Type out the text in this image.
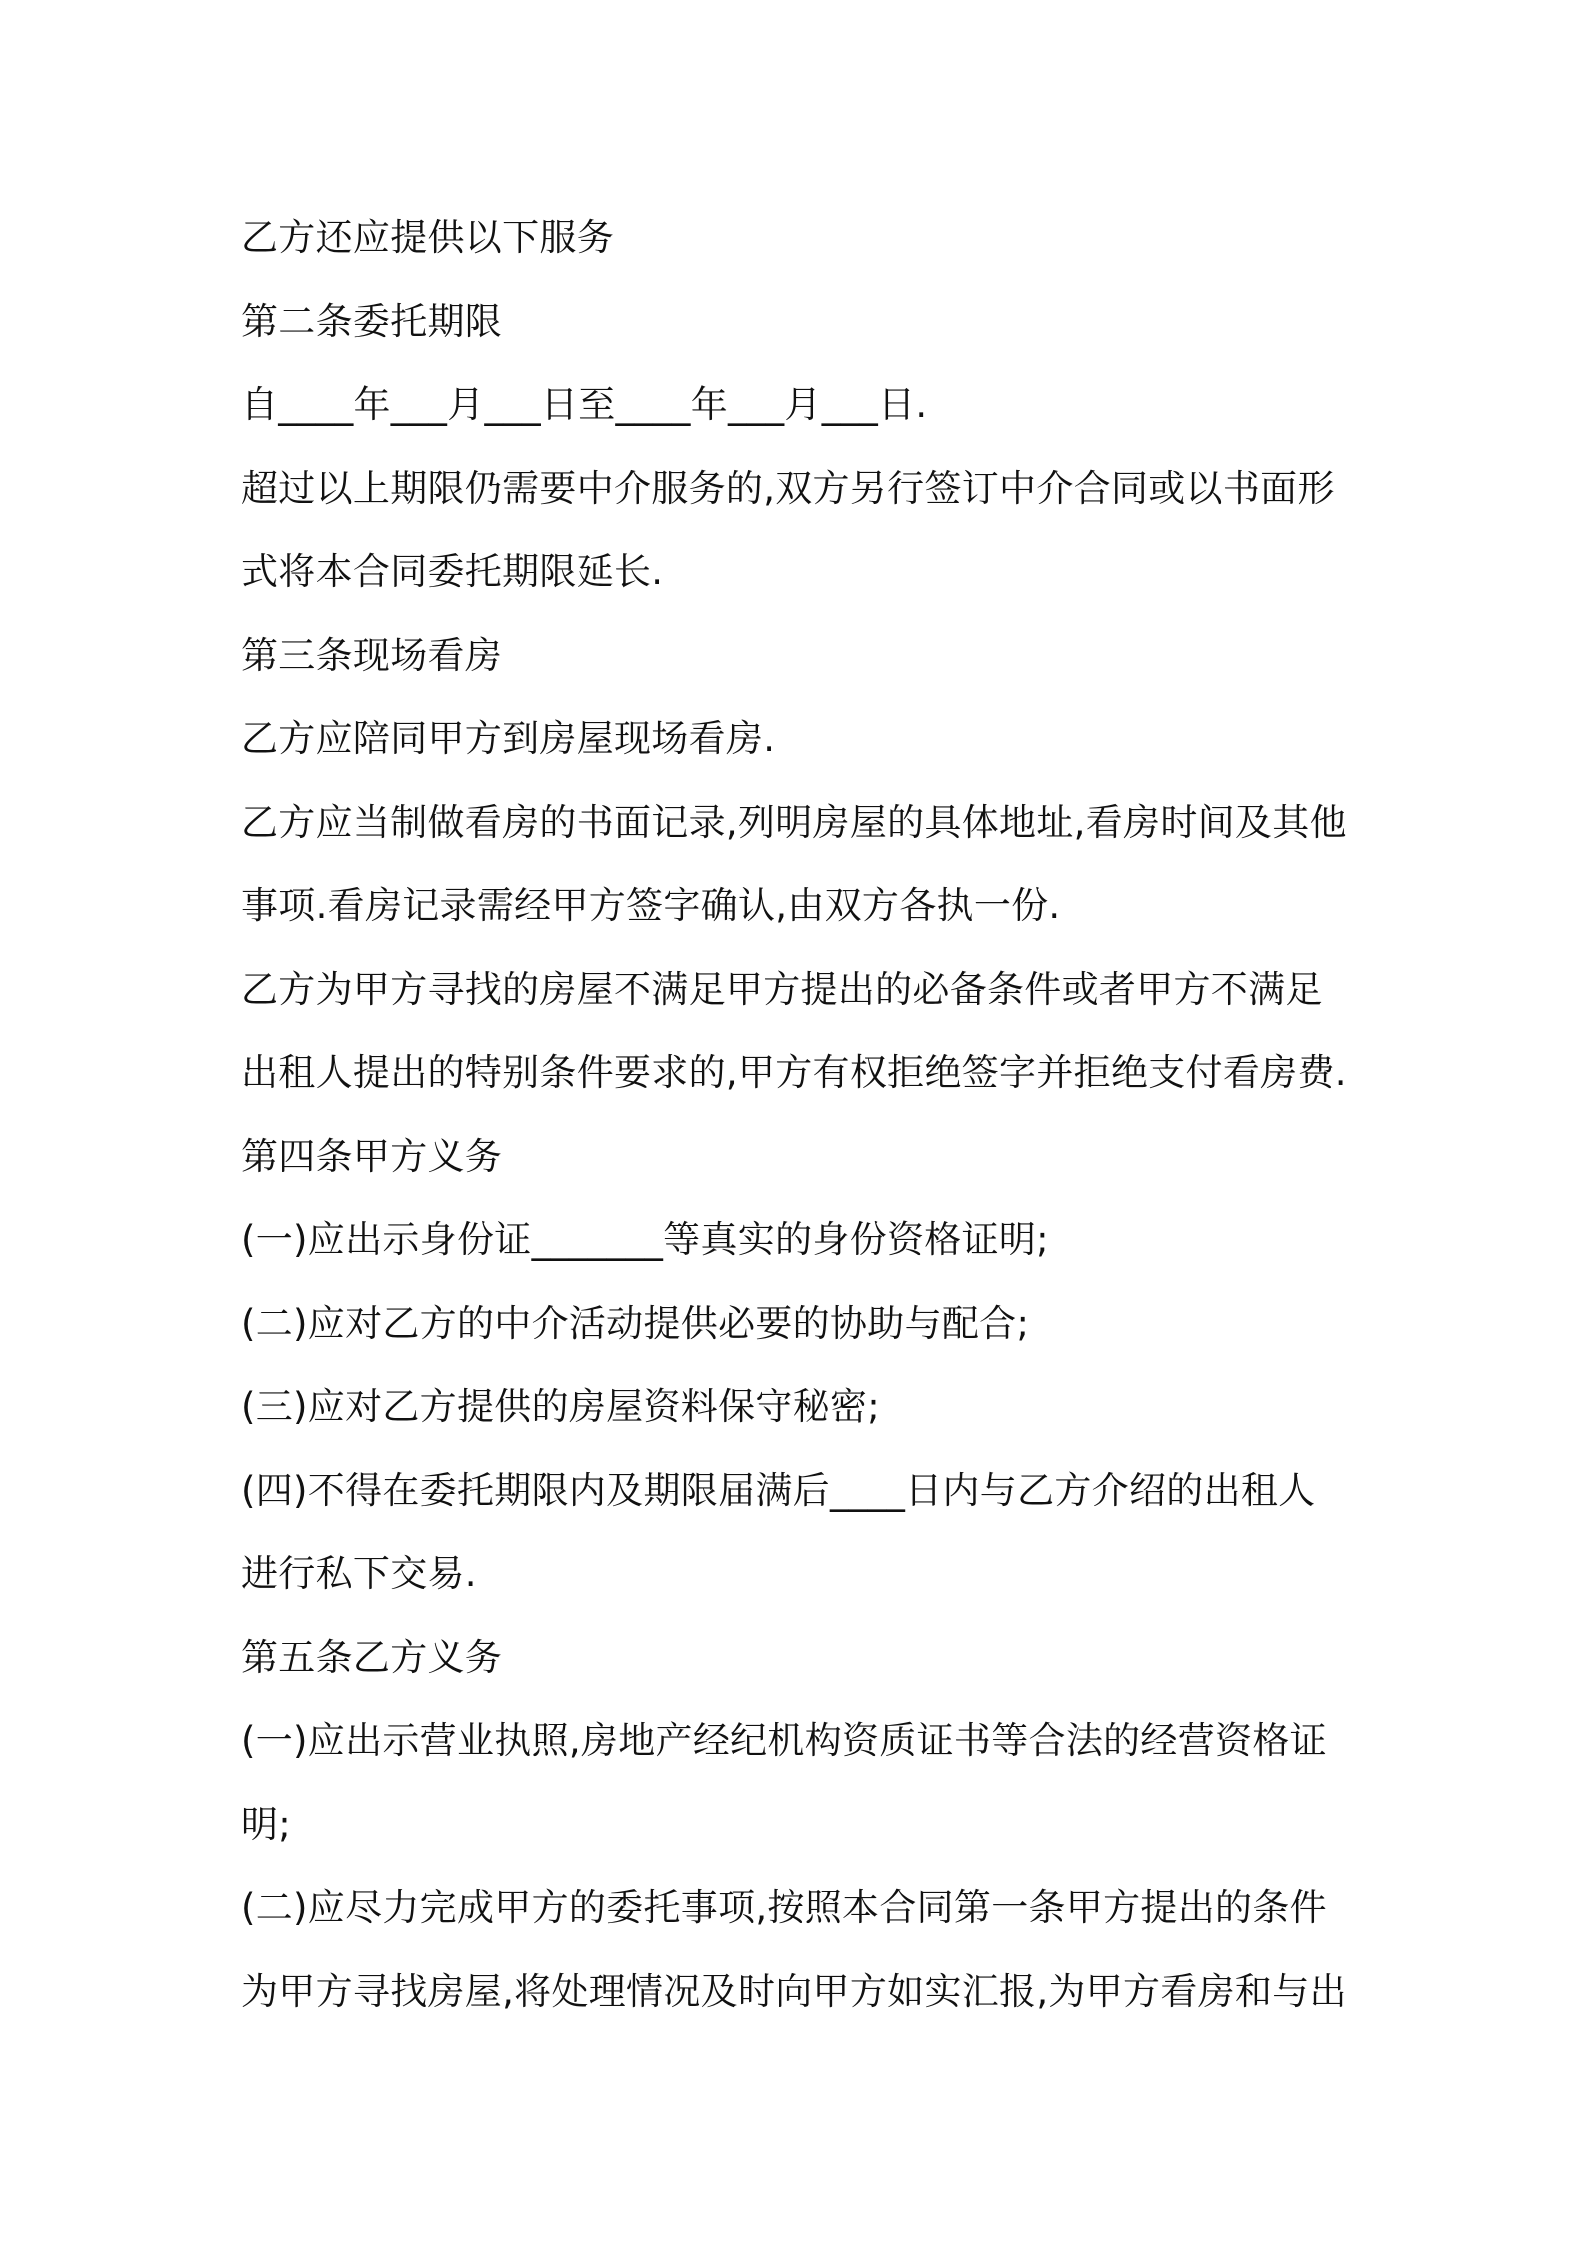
乙方还应提供以下服务
第二条委托期限
自____年___月___日至____年___月___日.
超过以上期限仍需要中介服务的,双方另行签订中介合同或以书面形
式将本合同委托期限延长.
第三条现场看房
乙方应陪同甲方到房屋现场看房.
乙方应当制做看房的书面记录,列明房屋的具体地址,看房时间及其他
事项.看房记录需经甲方签字确认,由双方各执一份.
乙方为甲方寻找的房屋不满足甲方提出的必备条件或者甲方不满足
出租人提出的特别条件要求的,甲方有权拒绝签字并拒绝支付看房费.
第四条甲方义务
(一)应出示身份证_______等真实的身份资格证明;
(二)应对乙方的中介活动提供必要的协助与配合;
(三)应对乙方提供的房屋资料保守秘密;
(四)不得在委托期限内及期限届满后____日内与乙方介绍的出租人
进行私下交易.
第五条乙方义务
(一)应出示营业执照,房地产经纪机构资质证书等合法的经营资格证
明;
(二)应尽力完成甲方的委托事项,按照本合同第一条甲方提出的条件
为甲方寻找房屋,将处理情况及时向甲方如实汇报,为甲方看房和与出
